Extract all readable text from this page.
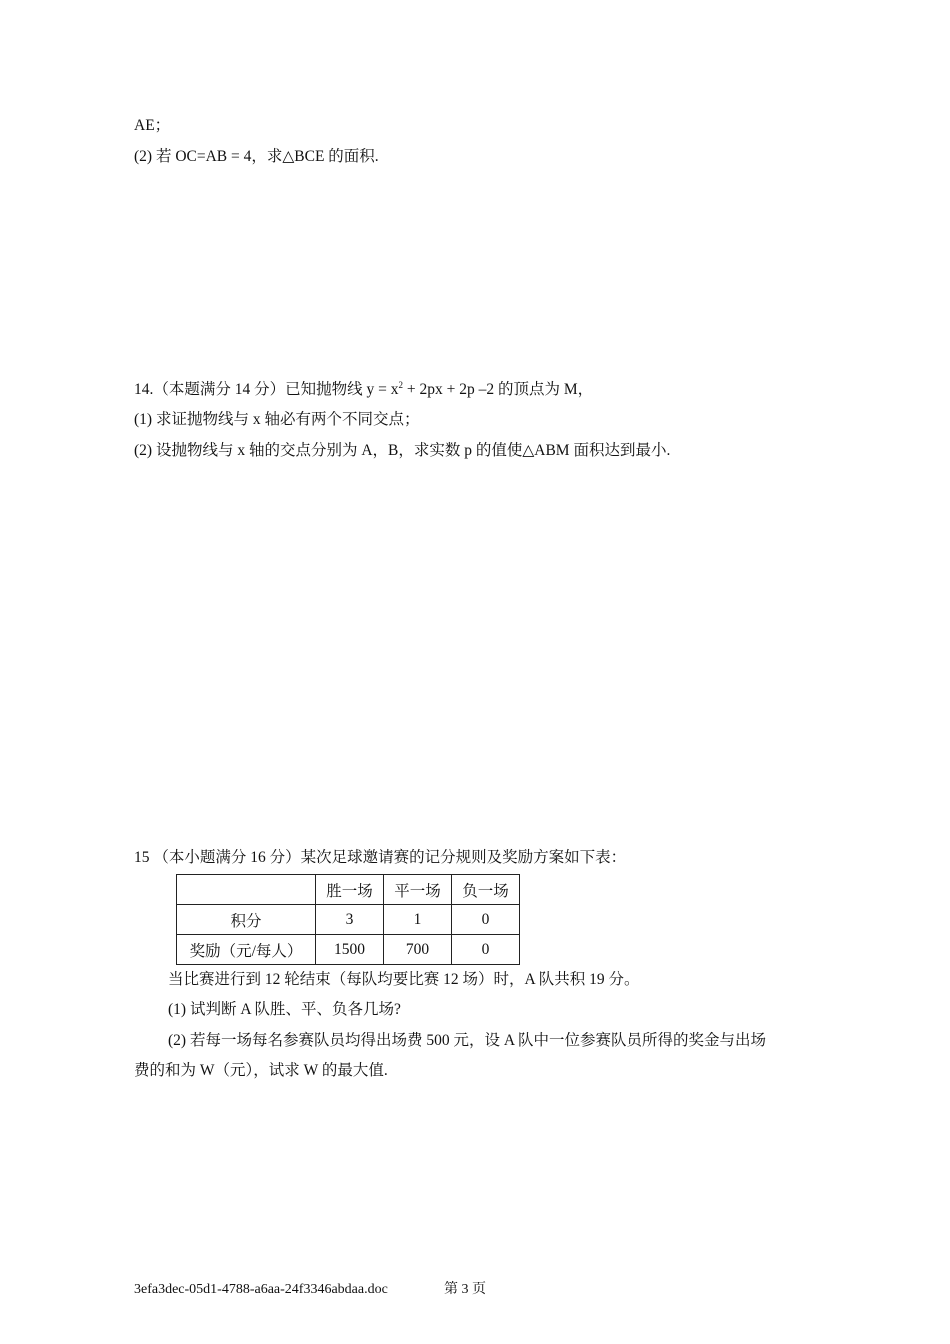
AE；
(2) 若 OC=AB = 4，求△BCE 的面积.
14.（本题满分 14 分）已知抛物线 $y = x^2 + 2px + 2p$ –2 的顶点为 M，
(1) 求证抛物线与 x 轴必有两个不同交点；
(2) 设抛物线与 x 轴的交点分别为 A，B，求实数 p 的值使△ABM 面积达到最小.
15 （本小题满分 16 分）某次足球邀请赛的记分规则及奖励方案如下表：
	胜一场	平一场	负一场
积分	3	1	0
奖励（元/每人）	1500	700	0
当比赛进行到 12 轮结束（每队均要比赛 12 场）时，A 队共积 19 分。
(1) 试判断 A 队胜、平、负各几场?
(2) 若每一场每名参赛队员均得出场费 500 元，设 A 队中一位参赛队员所得的奖金与出场
费的和为 W（元），试求 W 的最大值.
3efa3dec-05d1-4788-a6aa-24f3346abdaa.doc	第 3 页
